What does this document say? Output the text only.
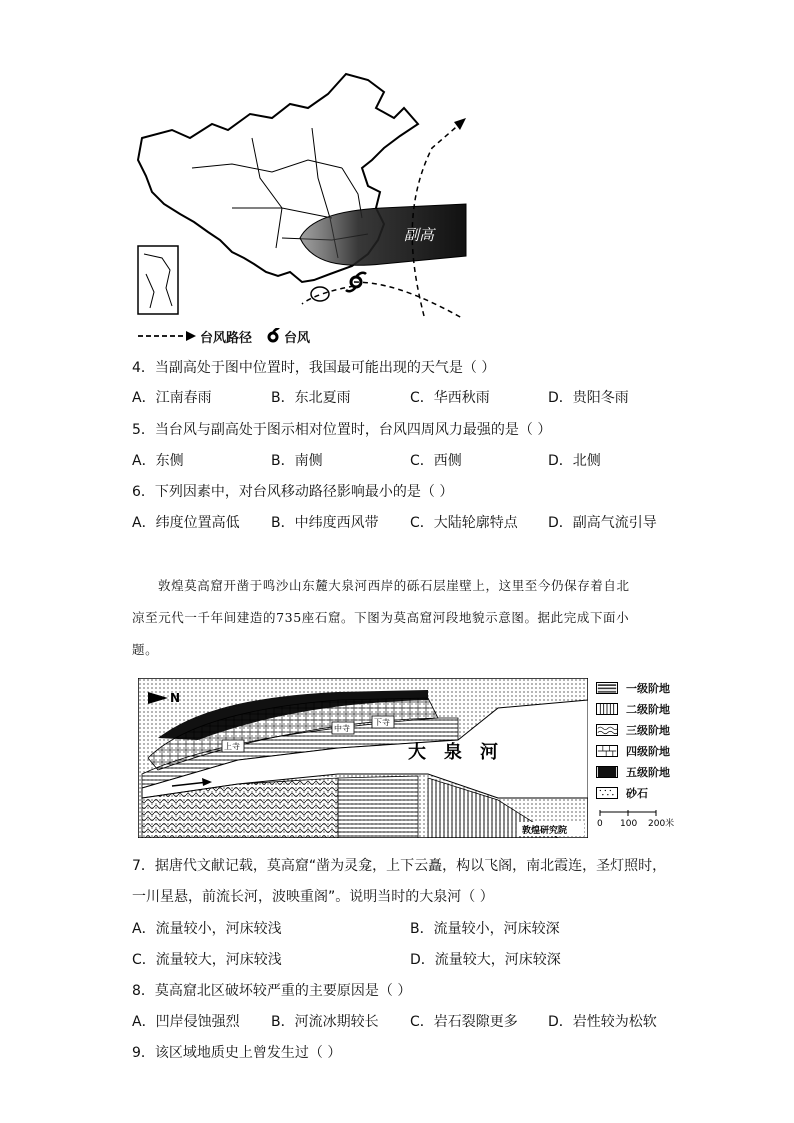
副高
台风路径 台风
4．当副高处于图中位置时，我国最可能出现的天气是（ ）
A．江南春雨	B．东北夏雨	C．华西秋雨	D．贵阳冬雨
5．当台风与副高处于图示相对位置时，台风四周风力最强的是（ ）
A．东侧	B．南侧	C．西侧	D．北侧
6．下列因素中，对台风移动路径影响最小的是（ ）
A．纬度位置高低 B．中纬度西风带 C．大陆轮廓特点 D．副高气流引导
敦煌莫高窟开凿于鸣沙山东麓大泉河西岸的砾石层崖壁上，这里至今仍保存着自北
凉至元代一千年间建造的735座石窟。下图为莫高窟河段地貌示意图。据此完成下面小
题。
N
上寺
中寺
下寺
大　泉　河
敦煌研究院
一级阶地
二级阶地
三级阶地
四级阶地
五级阶地
砂石
0 100 200米
7．据唐代文献记载，莫高窟“凿为灵龛，上下云矗，构以飞阁，南北霞连，圣灯照时，
一川星悬，前流长河，波映重阁”。说明当时的大泉河（ ）
A．流量较小，河床较浅	B．流量较小，河床较深
C．流量较大，河床较浅	D．流量较大，河床较深
8．莫高窟北区破坏较严重的主要原因是（ ）
A．凹岸侵蚀强烈 B．河流冰期较长 C．岩石裂隙更多 D．岩性较为松软
9．该区域地质史上曾发生过（ ）
